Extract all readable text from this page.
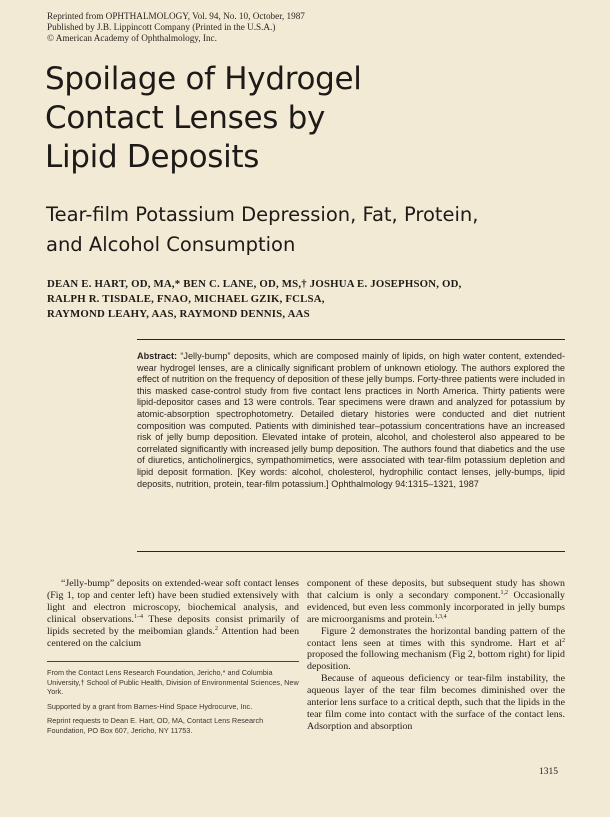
Reprinted from OPHTHALMOLOGY, Vol. 94, No. 10, October, 1987
Published by J.B. Lippincott Company (Printed in the U.S.A.)
© American Academy of Ophthalmology, Inc.
Spoilage of Hydrogel
Contact Lenses by
Lipid Deposits
Tear-film Potassium Depression, Fat, Protein,
and Alcohol Consumption
DEAN E. HART, OD, MA,* BEN C. LANE, OD, MS,† JOSHUA E. JOSEPHSON, OD,
RALPH R. TISDALE, FNAO, MICHAEL GZIK, FCLSA,
RAYMOND LEAHY, AAS, RAYMOND DENNIS, AAS
Abstract: “Jelly-bump” deposits, which are composed mainly of lipids, on high water content, extended-wear hydrogel lenses, are a clinically significant problem of unknown etiology. The authors explored the effect of nutrition on the frequency of deposition of these jelly bumps. Forty-three patients were included in this masked case-control study from five contact lens practices in North America. Thirty patients were lipid-depositor cases and 13 were controls. Tear specimens were drawn and analyzed for potassium by atomic-absorption spectrophotometry. Detailed dietary histories were conducted and diet nutrient composition was computed. Patients with diminished tear–potassium concentrations have an increased risk of jelly bump deposition. Elevated intake of protein, alcohol, and cholesterol also appeared to be correlated significantly with increased jelly bump deposition. The authors found that diabetics and the use of diuretics, anticholinergics, sympathomimetics, were associated with tear-film potassium depletion and lipid deposit formation. [Key words: alcohol, cholesterol, hydrophilic contact lenses, jelly-bumps, lipid deposits, nutrition, protein, tear-film potassium.] Ophthalmology 94:1315–1321, 1987

“Jelly-bump” deposits on extended-wear soft contact lenses (Fig 1, top and center left) have been studied extensively with light and electron microscopy, biochemical analysis, and clinical observations.$^{1-4}$ These deposits consist primarily of lipids secreted by the meibomian glands.$^2$ Attention had been centered on the calcium

From the Contact Lens Research Foundation, Jericho,* and Columbia University,† School of Public Health, Division of Environmental Sciences, New York.

Supported by a grant from Barnes-Hind Space Hydrocurve, Inc.

Reprint requests to Dean E. Hart, OD, MA, Contact Lens Research Foundation, PO Box 607, Jericho, NY 11753.

component of these deposits, but subsequent study has shown that calcium is only a secondary component.$^{1,2}$ Occasionally evidenced, but even less commonly incorporated in jelly bumps are microorganisms and protein.$^{1,3,4}$

Figure 2 demonstrates the horizontal banding pattern of the contact lens seen at times with this syndrome. Hart et $al^2$ proposed the following mechanism (Fig 2, bottom right) for lipid deposition.

Because of aqueous deficiency or tear-film instability, the aqueous layer of the tear film becomes diminished over the anterior lens surface to a critical depth, such that the lipids in the tear film come into contact with the surface of the contact lens. Adsorption and absorption

1315
